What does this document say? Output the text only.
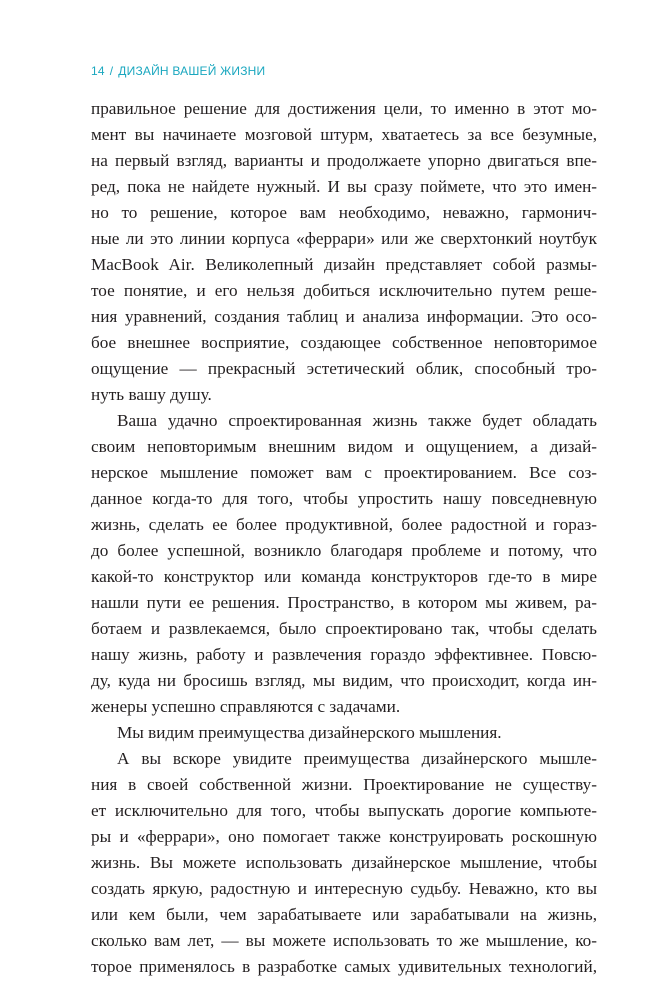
14 / ДИЗАЙН ВАШЕЙ ЖИЗНИ
правильное решение для достижения цели, то именно в этот мо-
мент вы начинаете мозговой штурм, хватаетесь за все безумные,
на первый взгляд, варианты и продолжаете упорно двигаться впе-
ред, пока не найдете нужный. И вы сразу поймете, что это имен-
но то решение, которое вам необходимо, неважно, гармонич-
ные ли это линии корпуса «феррари» или же сверхтонкий ноутбук
MacBook Air. Великолепный дизайн представляет собой размы-
тое понятие, и его нельзя добиться исключительно путем реше-
ния уравнений, создания таблиц и анализа информации. Это осо-
бое внешнее восприятие, создающее собственное неповторимое
ощущение — прекрасный эстетический облик, способный тро-
нуть вашу душу.
Ваша удачно спроектированная жизнь также будет обладать
своим неповторимым внешним видом и ощущением, а дизай-
нерское мышление поможет вам с проектированием. Все соз-
данное когда-то для того, чтобы упростить нашу повседневную
жизнь, сделать ее более продуктивной, более радостной и горaз-
до более успешной, возникло благодаря проблеме и потому, что
какой-то конструктор или команда конструкторов где-то в мире
нашли пути ее решения. Пространство, в котором мы живем, ра-
ботаем и развлекаемся, было спроектировано так, чтобы сделать
нашу жизнь, работу и развлечения гораздо эффективнее. Повсю-
ду, куда ни бросишь взгляд, мы видим, что происходит, когда ин-
женеры успешно справляются с задачами.
Мы видим преимущества дизайнерского мышления.
А вы вскоре увидите преимущества дизайнерского мышле-
ния в своей собственной жизни. Проектирование не существу-
ет исключительно для того, чтобы выпускать дорогие компьюте-
ры и «феррари», оно помогает также конструировать роскошную
жизнь. Вы можете использовать дизайнерское мышление, чтобы
создать яркую, радостную и интересную судьбу. Неважно, кто вы
или кем были, чем зарабатываете или зарабатывали на жизнь,
сколько вам лет, — вы можете использовать то же мышление, ко-
торое применялось в разработке самых удивительных технологий,
